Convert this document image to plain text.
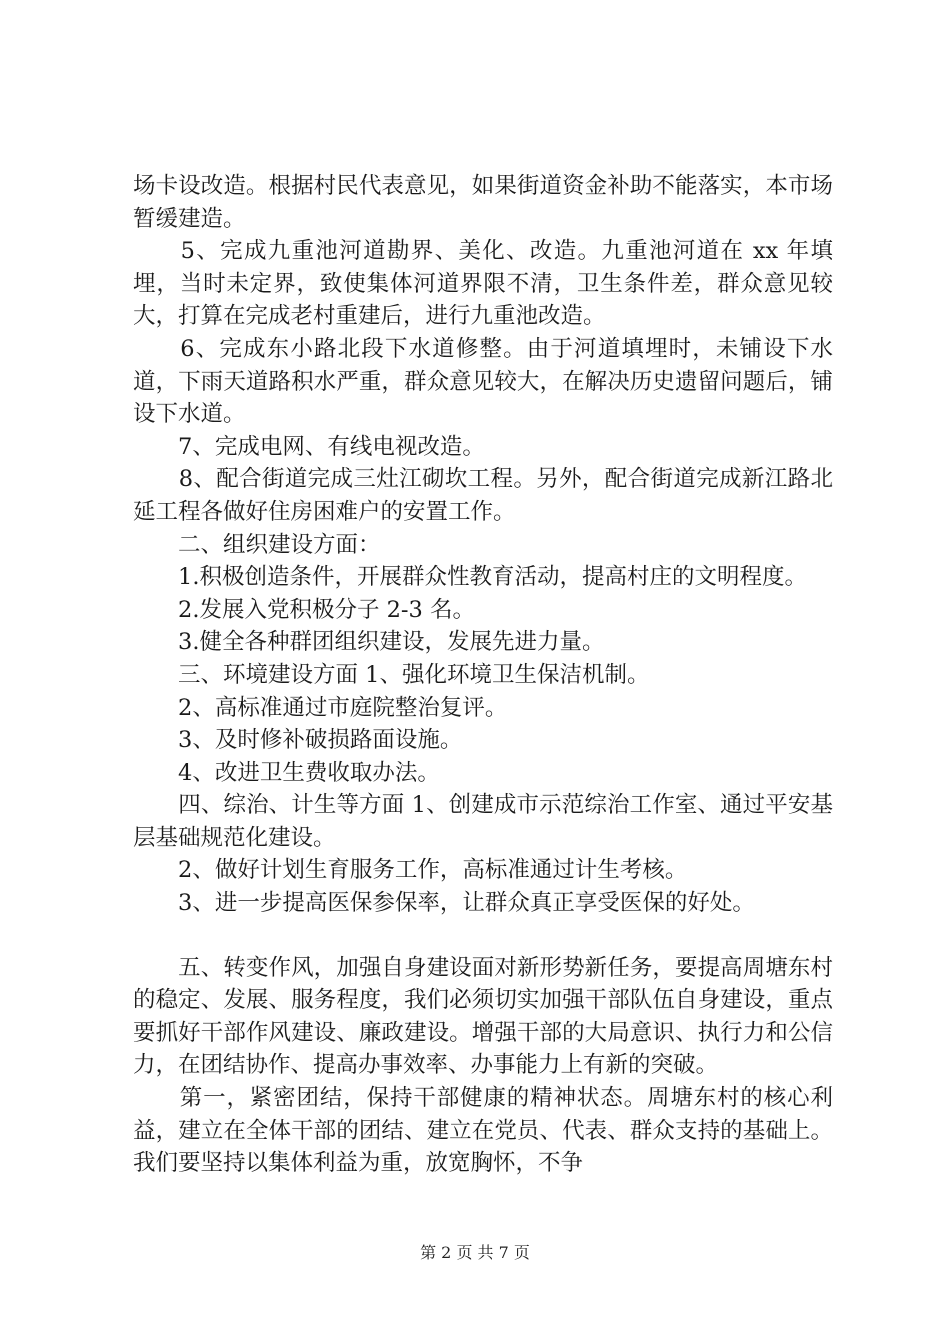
场卡设改造。根据村民代表意见，如果街道资金补助不能落实，本市场暂缓建造。

　　5、完成九重池河道勘界、美化、改造。九重池河道在 xx 年填埋，当时未定界，致使集体河道界限不清，卫生条件差，群众意见较大，打算在完成老村重建后，进行九重池改造。

　　6、完成东小路北段下水道修整。由于河道填埋时，未铺设下水道，下雨天道路积水严重，群众意见较大，在解决历史遗留问题后，铺设下水道。

　　7、完成电网、有线电视改造。

　　8、配合街道完成三灶江砌坎工程。另外，配合街道完成新江路北延工程各做好住房困难户的安置工作。

　　二、组织建设方面：

　　1.积极创造条件，开展群众性教育活动，提高村庄的文明程度。

　　2.发展入党积极分子 2-3 名。

　　3.健全各种群团组织建设，发展先进力量。

　　三、环境建设方面 1、强化环境卫生保洁机制。

　　2、高标准通过市庭院整治复评。

　　3、及时修补破损路面设施。

　　4、改进卫生费收取办法。

　　四、综治、计生等方面 1、创建成市示范综治工作室、通过平安基层基础规范化建设。

　　2、做好计划生育服务工作，高标准通过计生考核。

　　3、进一步提高医保参保率，让群众真正享受医保的好处。

　　五、转变作风，加强自身建设面对新形势新任务，要提高周塘东村的稳定、发展、服务程度，我们必须切实加强干部队伍自身建设，重点要抓好干部作风建设、廉政建设。增强干部的大局意识、执行力和公信力，在团结协作、提高办事效率、办事能力上有新的突破。

　　第一，紧密团结，保持干部健康的精神状态。周塘东村的核心利益，建立在全体干部的团结、建立在党员、代表、群众支持的基础上。我们要坚持以集体利益为重，放宽胸怀，不争

第 2 页 共 7 页
